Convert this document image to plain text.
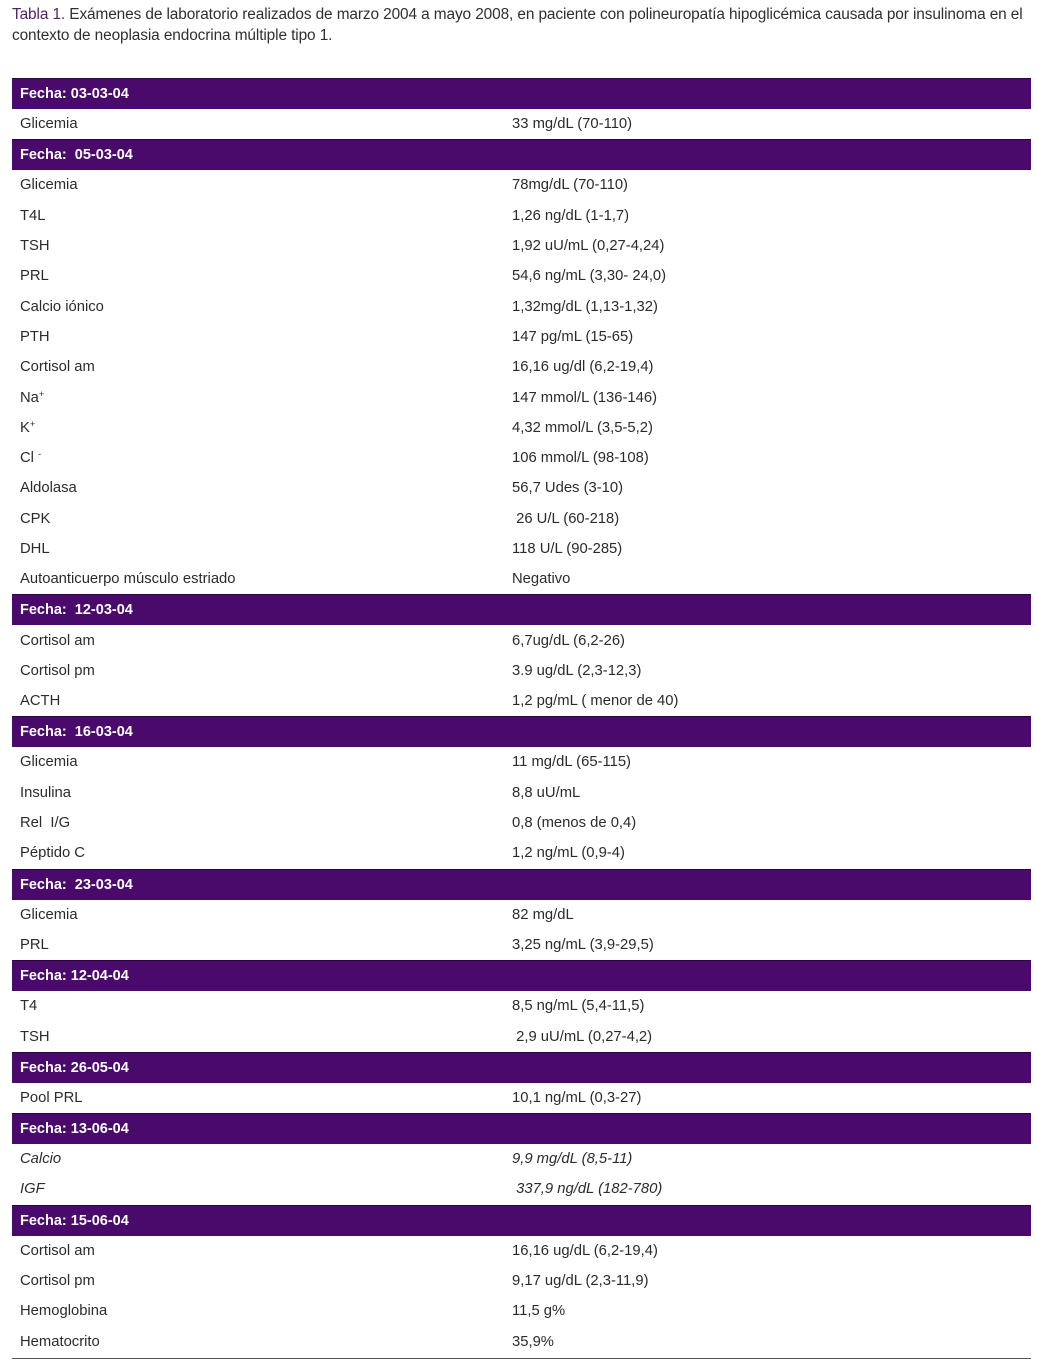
Tabla 1. Exámenes de laboratorio realizados de marzo 2004 a mayo 2008, en paciente con polineuropatía hipoglicémica causada por insulinoma en el contexto de neoplasia endocrina múltiple tipo 1.
Fecha: 03-03-04
Glicemia	33 mg/dL (70-110)
Fecha:  05-03-04
Glicemia	78mg/dL (70-110)
T4L	1,26 ng/dL (1-1,7)
TSH	1,92 uU/mL (0,27-4,24)
PRL	54,6 ng/mL (3,30- 24,0)
Calcio iónico	1,32mg/dL (1,13-1,32)
PTH	147 pg/mL (15-65)
Cortisol am	16,16 ug/dl (6,2-19,4)
Na+	147 mmol/L (136-146)
K+	4,32 mmol/L (3,5-5,2)
Cl -	106 mmol/L (98-108)
Aldolasa	56,7 Udes (3-10)
CPK	26 U/L (60-218)
DHL	118 U/L (90-285)
Autoanticuerpo músculo estriado	Negativo
Fecha:  12-03-04
Cortisol am	6,7ug/dL (6,2-26)
Cortisol pm	3.9 ug/dL (2,3-12,3)
ACTH	1,2 pg/mL ( menor de 40)
Fecha:  16-03-04
Glicemia	11 mg/dL (65-115)
Insulina	8,8 uU/mL
Rel  I/G	0,8 (menos de 0,4)
Péptido C	1,2 ng/mL (0,9-4)
Fecha:  23-03-04
Glicemia	82 mg/dL
PRL	3,25 ng/mL (3,9-29,5)
Fecha: 12-04-04
T4	8,5 ng/mL (5,4-11,5)
TSH	2,9 uU/mL (0,27-4,2)
Fecha: 26-05-04
Pool PRL	10,1 ng/mL (0,3-27)
Fecha: 13-06-04
Calcio	9,9 mg/dL (8,5-11)
IGF	337,9 ng/dL (182-780)
Fecha: 15-06-04
Cortisol am	16,16 ug/dL (6,2-19,4)
Cortisol pm	9,17 ug/dL (2,3-11,9)
Hemoglobina	11,5 g%
Hematocrito	35,9%
